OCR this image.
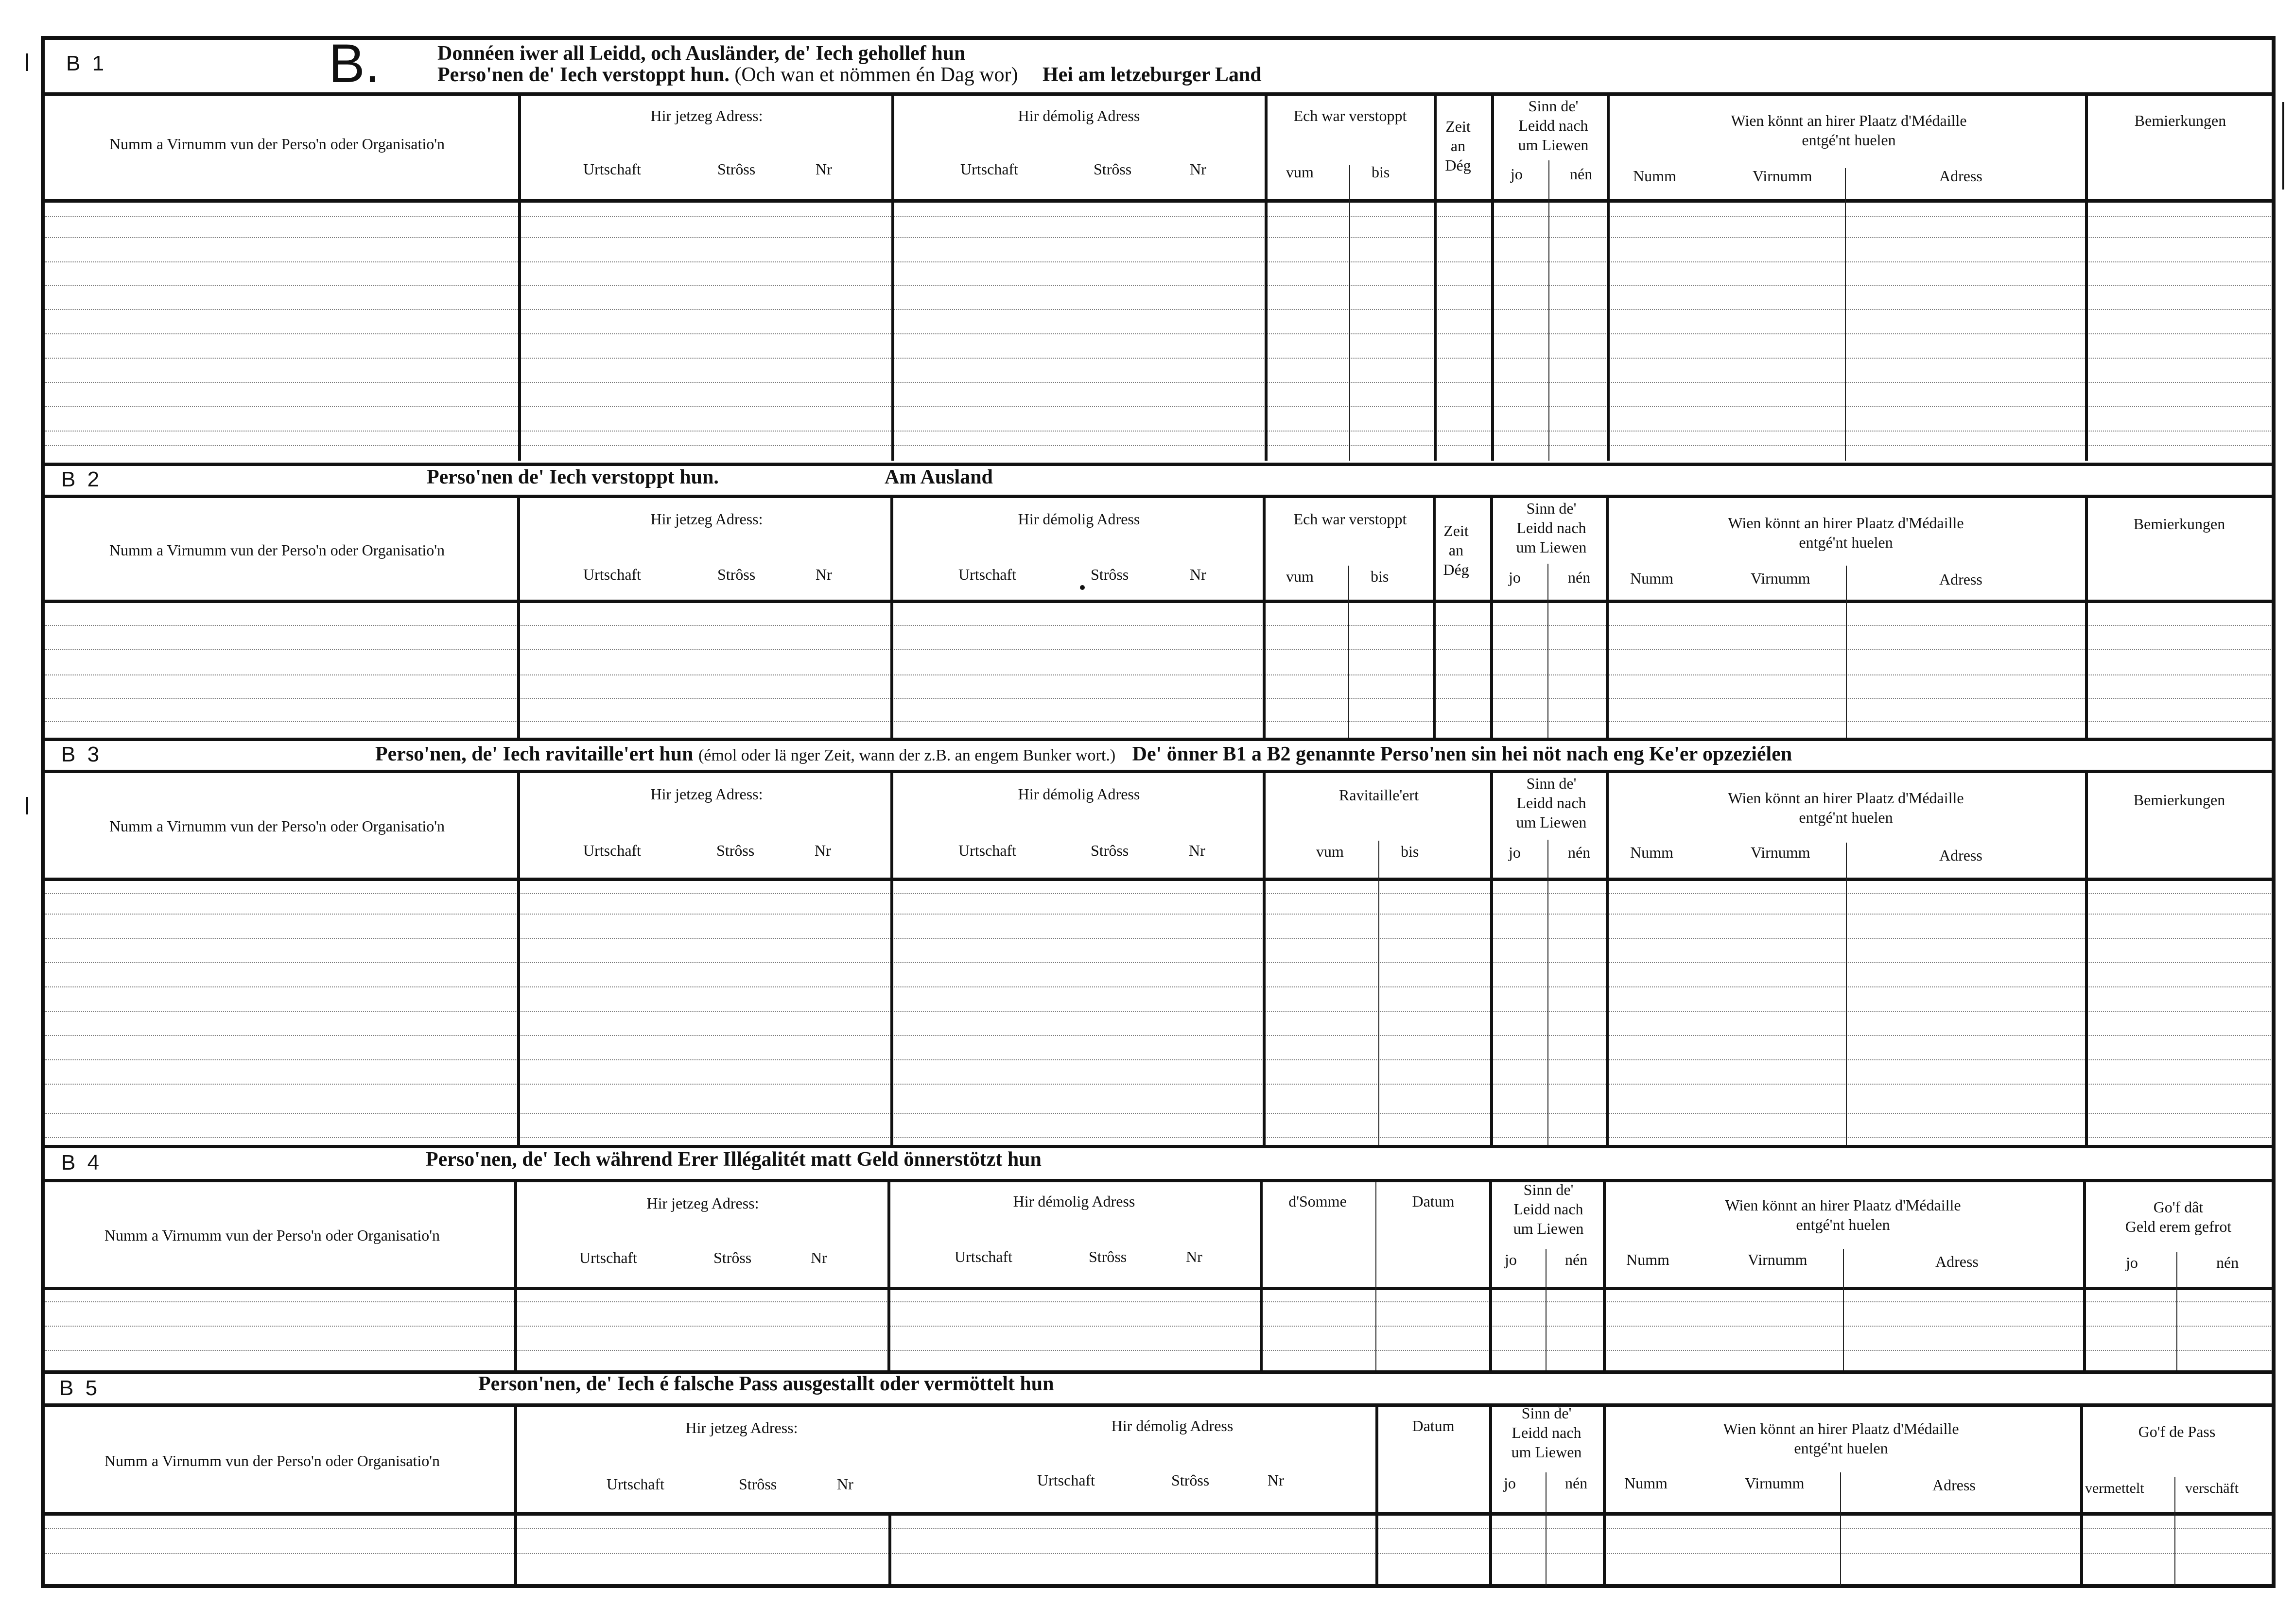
B.
B 1	Donnéen iwer all Leidd, och Ausländer, de' Iech gehollef hun
Perso'nen de' Iech verstoppt hun. (Och wan et nömmen én Dag wor) Hei am letzeburger Land
Numm a Virnumm vun der Perso'n oder Organisatio'n
Hir jetzeg Adress:
Urtschaft	Strôss	Nr
Hir démolig Adress
Urtschaft	Strôss	Nr
Ech war verstoppt
vum	bis
Zeit
an
Dég
Sinn de'
Leidd nach
um Liewen
jo	nén
Wien könnt an hirer Plaatz d'Médaille
entgé'nt huelen
Numm	Virnumm	Adress
Bemierkungen
B 2	Perso'nen de' Iech verstoppt hun.	Am Ausland
Numm a Virnumm vun der Perso'n oder Organisatio'n
Hir jetzeg Adress:
Urtschaft	Strôss	Nr
Hir démolig Adress
Urtschaft	Strôss	Nr
Ech war verstoppt
vum	bis
Zeit
an
Dég
Sinn de'
Leidd nach
um Liewen
jo	nén
Wien könnt an hirer Plaatz d'Médaille
entgé'nt huelen
Numm	Virnumm	Adress
Bemierkungen
B 3	Perso'nen, de' Iech ravitaille'ert hun (émol oder lä nger Zeit, wann der z.B. an engem Bunker wort.) De' önner B1 a B2 genannte Perso'nen sin hei nöt nach eng Ke'er opzeziélen
Numm a Virnumm vun der Perso'n oder Organisatio'n
Hir jetzeg Adress:
Urtschaft	Strôss	Nr
Hir démolig Adress
Urtschaft	Strôss	Nr
Ravitaille'ert
vum	bis
Sinn de'
Leidd nach
um Liewen
jo	nén
Wien könnt an hirer Plaatz d'Médaille
entgé'nt huelen
Numm	Virnumm	Adress
Bemierkungen
B 4	Perso'nen, de' Iech während Erer Illégalitét matt Geld önnerstötzt hun
Numm a Virnumm vun der Perso'n oder Organisatio'n
Hir jetzeg Adress:
Urtschaft	Strôss	Nr
Hir démolig Adress
Urtschaft	Strôss	Nr
d'Somme	Datum
Sinn de'
Leidd nach
um Liewen
jo	nén
Wien könnt an hirer Plaatz d'Médaille
entgé'nt huelen
Numm	Virnumm	Adress
Go'f dât
Geld erem gefrot
jo	nén
B 5	Person'nen, de' Iech é falsche Pass ausgestallt oder vermöttelt hun
Numm a Virnumm vun der Perso'n oder Organisatio'n
Hir jetzeg Adress:
Urtschaft	Strôss	Nr
Hir démolig Adress
Urtschaft	Strôss	Nr
Datum
Sinn de'
Leidd nach
um Liewen
jo	nén
Wien könnt an hirer Plaatz d'Médaille
entgé'nt huelen
Numm	Virnumm	Adress
Go'f de Pass
vermettelt	verschäft
